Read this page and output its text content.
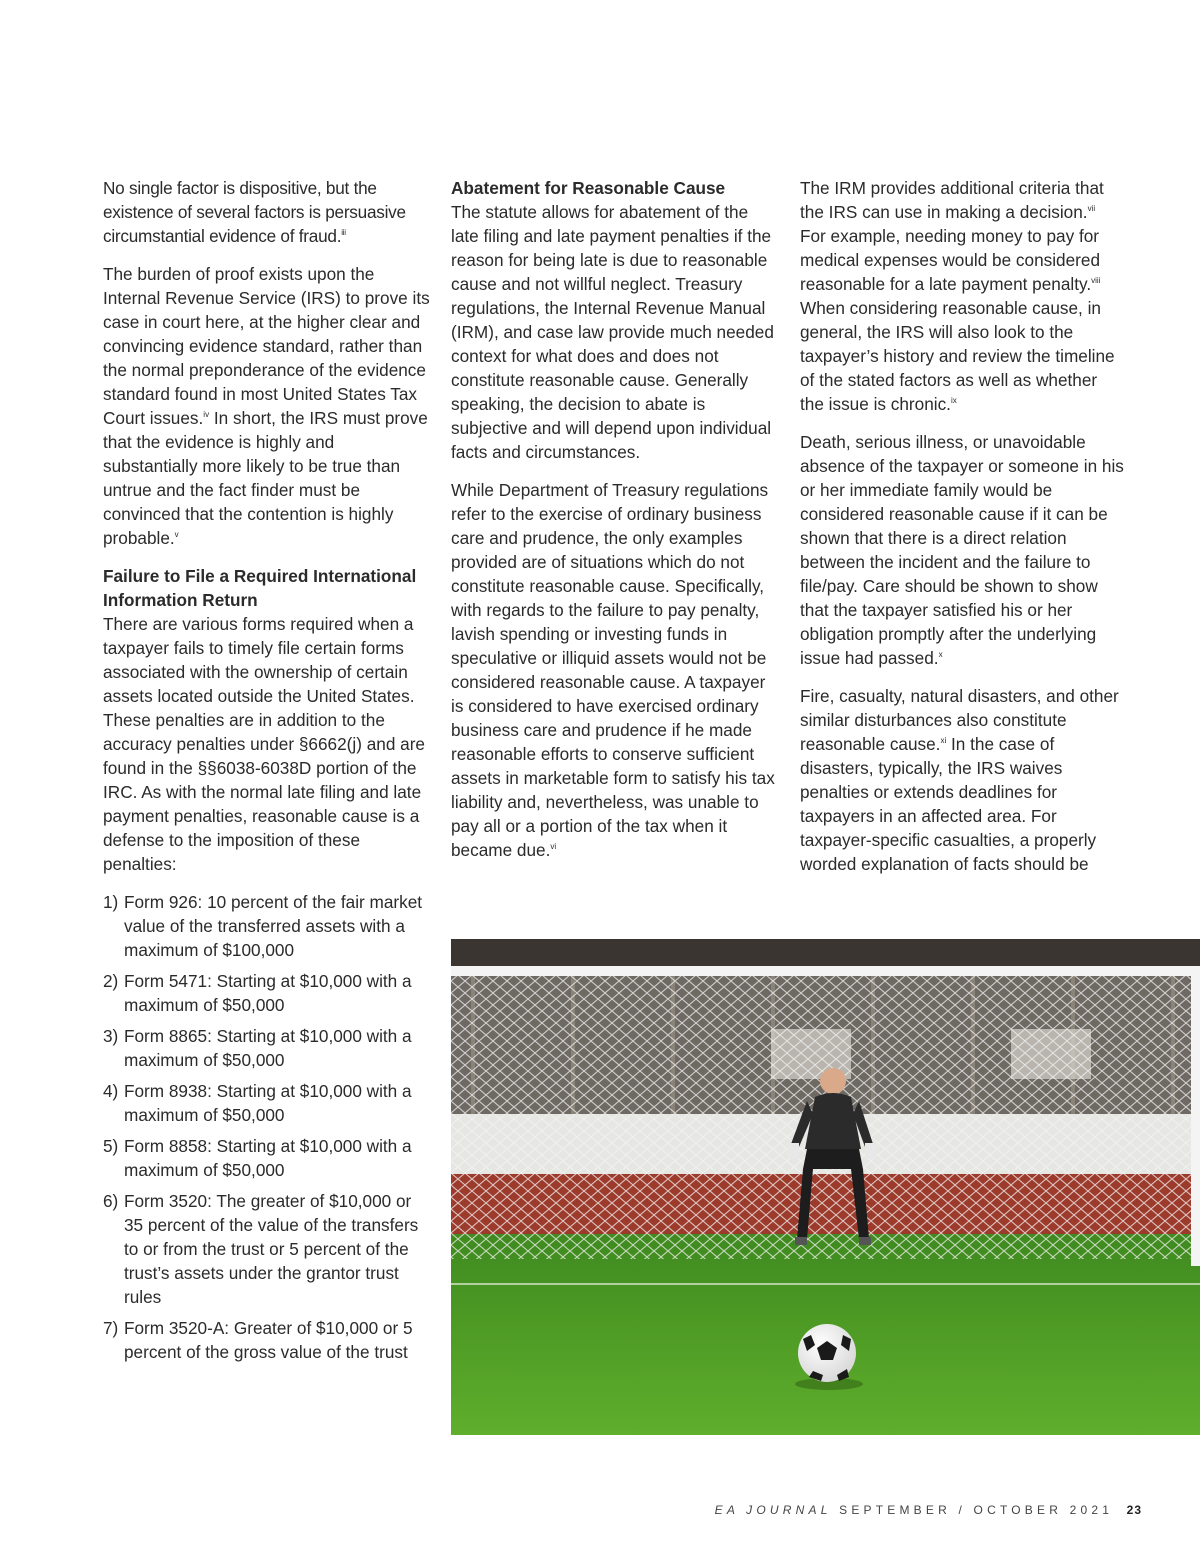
No single factor is dispositive, but the existence of several factors is persuasive circumstantial evidence of fraud.$^{iii}$

The burden of proof exists upon the Internal Revenue Service (IRS) to prove its case in court here, at the higher clear and convincing evidence standard, rather than the normal preponderance of the evidence standard found in most United States Tax Court issues.$^{iv}$ In short, the IRS must prove that the evidence is highly and substantially more likely to be true than untrue and the fact finder must be convinced that the contention is highly probable.$^v$

Failure to File a Required International Information Return
There are various forms required when a taxpayer fails to timely file certain forms associated with the ownership of certain assets located outside the United States. These penalties are in addition to the accuracy penalties under §6662(j) and are found in the §§6038-6038D portion of the IRC. As with the normal late filing and late payment penalties, reasonable cause is a defense to the imposition of these penalties:

1) Form 926: 10 percent of the fair market value of the transferred assets with a maximum of $100,000
2) Form 5471: Starting at $10,000 with a maximum of $50,000
3) Form 8865: Starting at $10,000 with a maximum of $50,000
4) Form 8938: Starting at $10,000 with a maximum of $50,000
5) Form 8858: Starting at $10,000 with a maximum of $50,000
6) Form 3520: The greater of $10,000 or 35 percent of the value of the transfers to or from the trust or 5 percent of the trust’s assets under the grantor trust rules
7) Form 3520-A: Greater of $10,000 or 5 percent of the gross value of the trust

Abatement for Reasonable Cause
The statute allows for abatement of the late filing and late payment penalties if the reason for being late is due to reasonable cause and not willful neglect. Treasury regulations, the Internal Revenue Manual (IRM), and case law provide much needed context for what does and does not constitute reasonable cause. Generally speaking, the decision to abate is subjective and will depend upon individual facts and circumstances.

While Department of Treasury regulations refer to the exercise of ordinary business care and prudence, the only examples provided are of situations which do not constitute reasonable cause. Specifically, with regards to the failure to pay penalty, lavish spending or investing funds in speculative or illiquid assets would not be considered reasonable cause. A taxpayer is considered to have exercised ordinary business care and prudence if he made reasonable efforts to conserve sufficient assets in marketable form to satisfy his tax liability and, nevertheless, was unable to pay all or a portion of the tax when it became due.$^{vi}$

The IRM provides additional criteria that the IRS can use in making a decision.$^{vii}$ For example, needing money to pay for medical expenses would be considered reasonable for a late payment penalty.$^{viii}$ When considering reasonable cause, in general, the IRS will also look to the taxpayer’s history and review the timeline of the stated factors as well as whether the issue is chronic.$^{ix}$

Death, serious illness, or unavoidable absence of the taxpayer or someone in his or her immediate family would be considered reasonable cause if it can be shown that there is a direct relation between the incident and the failure to file/pay. Care should be shown to show that the taxpayer satisfied his or her obligation promptly after the underlying issue had passed.$^x$

Fire, casualty, natural disasters, and other similar disturbances also constitute reasonable cause.$^{xi}$ In the case of disasters, typically, the IRS waives penalties or extends deadlines for taxpayers in an affected area. For taxpayer-specific casualties, a properly worded explanation of facts should be

EA JOURNAL SEPTEMBER / OCTOBER 2021 23
